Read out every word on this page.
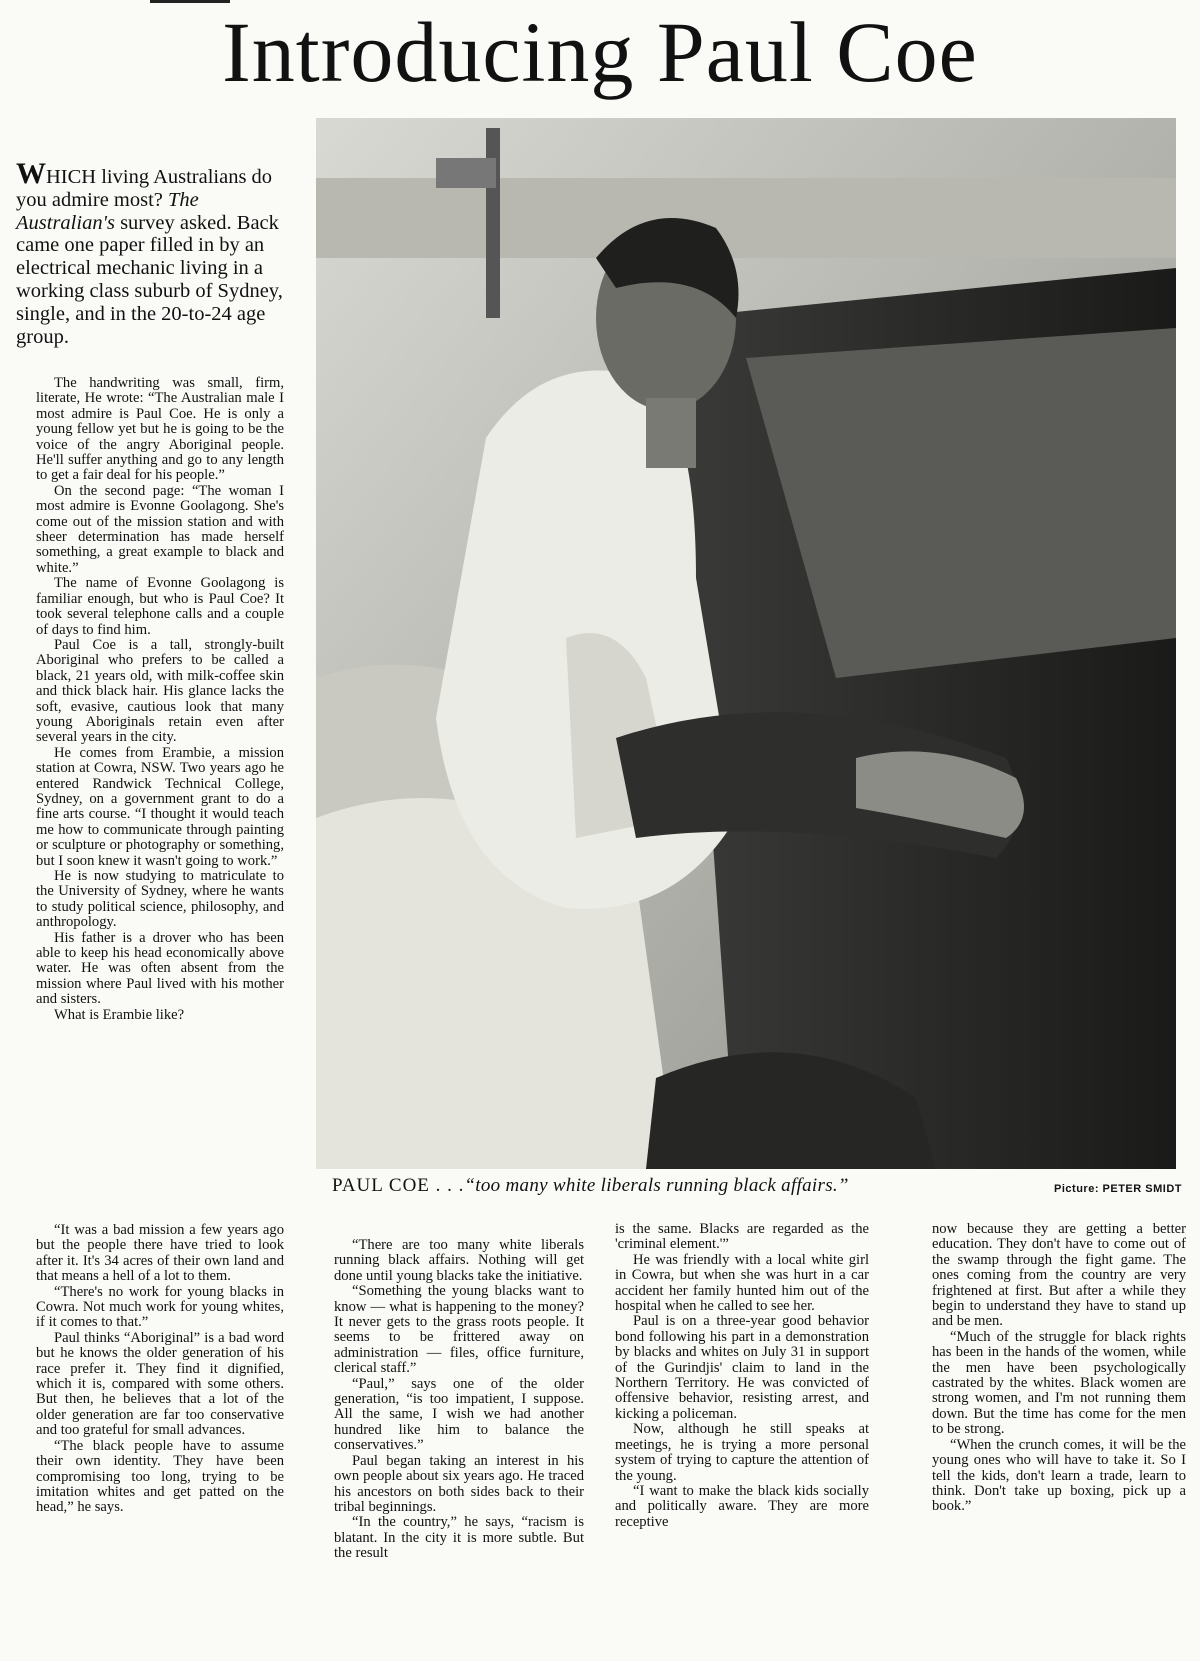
Introducing Paul Coe
WHICH living Australians do you admire most? The Australian's survey asked. Back came one paper filled in by an electrical mechanic living in a working class suburb of Sydney, single, and in the 20-to-24 age group.

The handwriting was small, firm, literate, He wrote: “The Australian male I most admire is Paul Coe. He is only a young fellow yet but he is going to be the voice of the angry Aboriginal people. He'll suffer anything and go to any length to get a fair deal for his people.”

On the second page: “The woman I most admire is Evonne Goolagong. She's come out of the mission station and with sheer determination has made herself something, a great example to black and white.”

The name of Evonne Goolagong is familiar enough, but who is Paul Coe? It took several telephone calls and a couple of days to find him.

Paul Coe is a tall, strongly-built Aboriginal who prefers to be called a black, 21 years old, with milk-coffee skin and thick black hair. His glance lacks the soft, evasive, cautious look that many young Aboriginals retain even after several years in the city.

He comes from Erambie, a mission station at Cowra, NSW. Two years ago he entered Randwick Technical College, Sydney, on a government grant to do a fine arts course. “I thought it would teach me how to communicate through painting or sculpture or photography or something, but I soon knew it wasn't going to work.”

He is now studying to matriculate to the University of Sydney, where he wants to study political science, philosophy, and anthropology.

His father is a drover who has been able to keep his head economically above water. He was often absent from the mission where Paul lived with his mother and sisters.

What is Erambie like?

PAUL COE . . .“too many white liberals running black affairs.”	Picture: PETER SMIDT

“It was a bad mission a few years ago but the people there have tried to look after it. It's 34 acres of their own land and that means a hell of a lot to them.

“There's no work for young blacks in Cowra. Not much work for young whites, if it comes to that.”

Paul thinks “Aboriginal” is a bad word but he knows the older generation of his race prefer it. They find it dignified, which it is, compared with some others. But then, he believes that a lot of the older generation are far too conservative and too grateful for small advances.

“The black people have to assume their own identity. They have been compromising too long, trying to be imitation whites and get patted on the head,” he says.

“There are too many white liberals running black affairs. Nothing will get done until young blacks take the initiative.

“Something the young blacks want to know — what is happening to the money? It never gets to the grass roots people. It seems to be frittered away on administration — files, office furniture, clerical staff.”

“Paul,” says one of the older generation, “is too impatient, I suppose. All the same, I wish we had another hundred like him to balance the conservatives.”

Paul began taking an interest in his own people about six years ago. He traced his ancestors on both sides back to their tribal beginnings.

“In the country,” he says, “racism is blatant. In the city it is more subtle. But the result

is the same. Blacks are regarded as the 'criminal element.'”

He was friendly with a local white girl in Cowra, but when she was hurt in a car accident her family hunted him out of the hospital when he called to see her.

Paul is on a three-year good behavior bond following his part in a demonstration by blacks and whites on July 31 in support of the Gurindjis' claim to land in the Northern Territory. He was convicted of offensive behavior, resisting arrest, and kicking a policeman.

Now, although he still speaks at meetings, he is trying a more personal system of trying to capture the attention of the young.

“I want to make the black kids socially and politically aware. They are more receptive

now because they are getting a better education. They don't have to come out of the swamp through the fight game. The ones coming from the country are very frightened at first. But after a while they begin to understand they have to stand up and be men.

“Much of the struggle for black rights has been in the hands of the women, while the men have been psychologically castrated by the whites. Black women are strong women, and I'm not running them down. But the time has come for the men to be strong.

“When the crunch comes, it will be the young ones who will have to take it. So I tell the kids, don't learn a trade, learn to think. Don't take up boxing, pick up a book.”
